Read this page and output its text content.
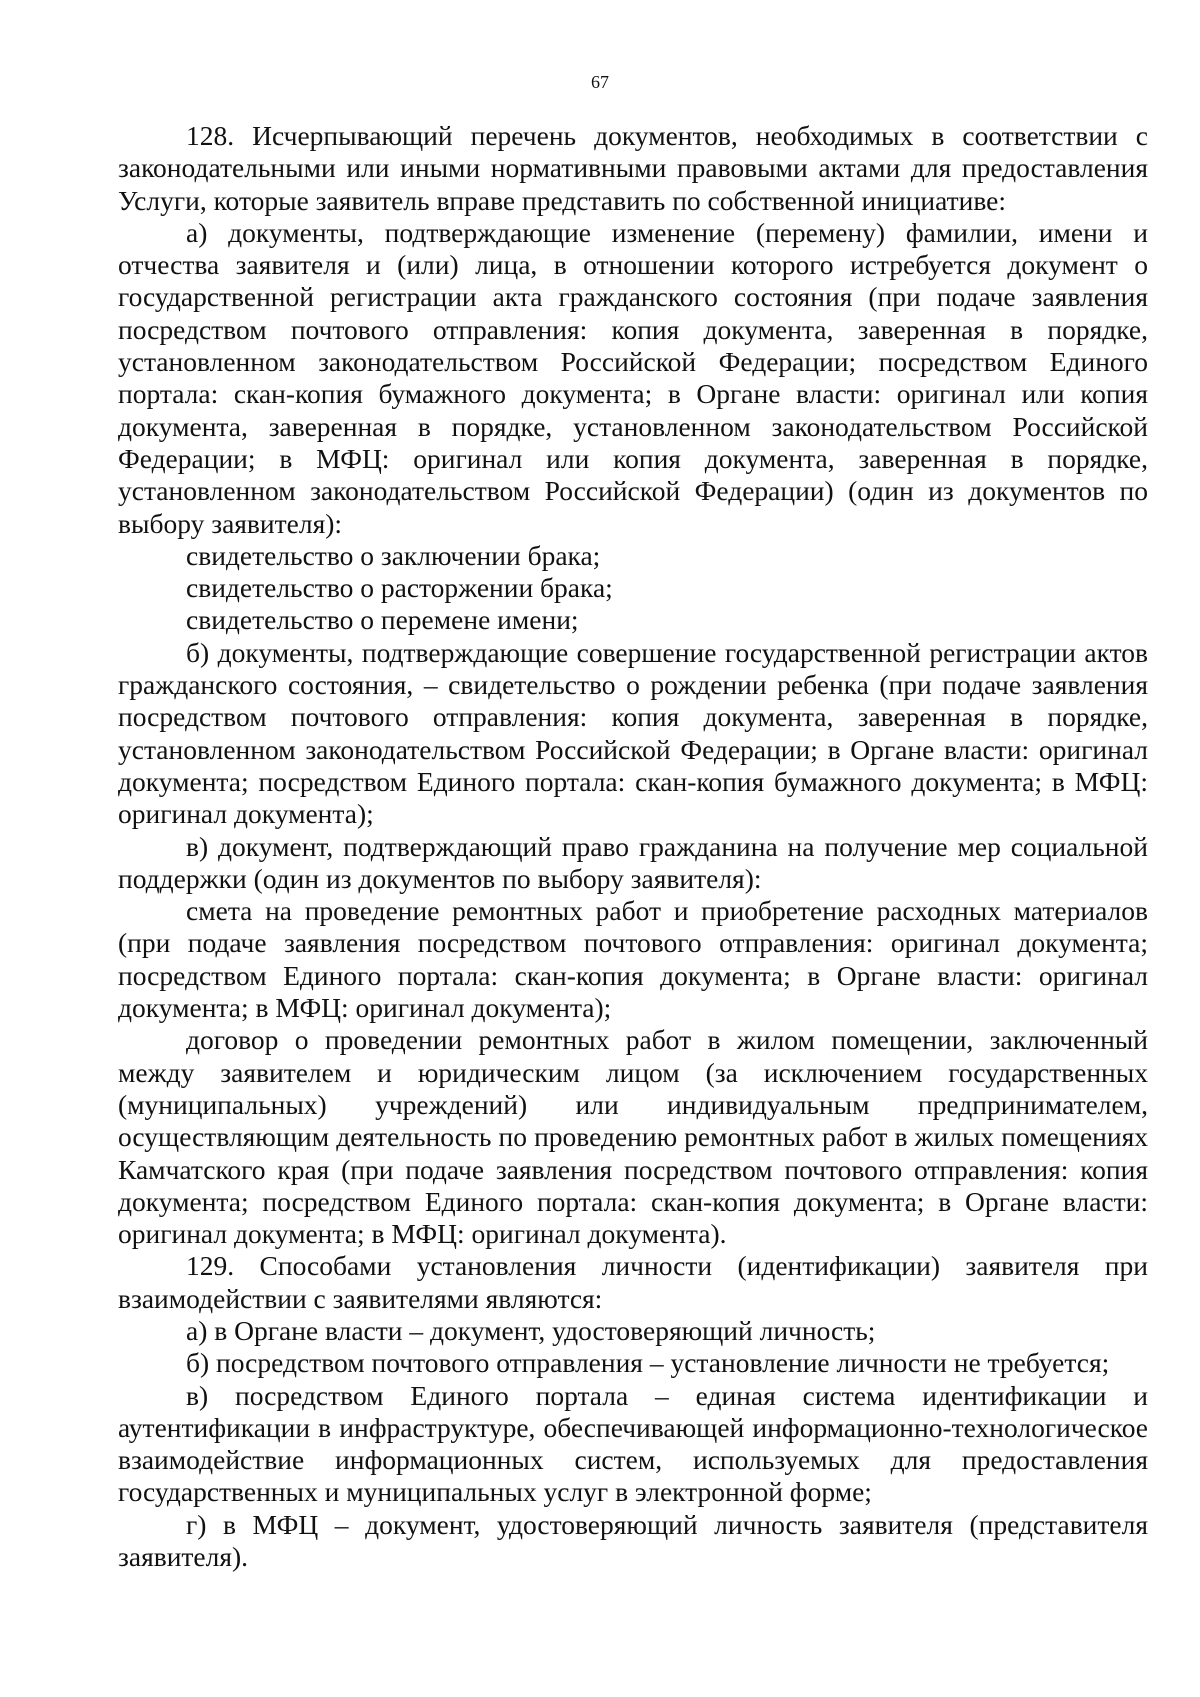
67

128. Исчерпывающий перечень документов, необходимых в соответствии с законодательными или иными нормативными правовыми актами для предоставления Услуги, которые заявитель вправе представить по собственной инициативе:

а) документы, подтверждающие изменение (перемену) фамилии, имени и отчества заявителя и (или) лица, в отношении которого истребуется документ о государственной регистрации акта гражданского состояния (при подаче заявления посредством почтового отправления: копия документа, заверенная в порядке, установленном законодательством Российской Федерации; посредством Единого портала: скан-копия бумажного документа; в Органе власти: оригинал или копия документа, заверенная в порядке, установленном законодательством Российской Федерации; в МФЦ: оригинал или копия документа, заверенная в порядке, установленном законодательством Российской Федерации) (один из документов по выбору заявителя):

свидетельство о заключении брака;

свидетельство о расторжении брака;

свидетельство о перемене имени;

б) документы, подтверждающие совершение государственной регистрации актов гражданского состояния, – свидетельство о рождении ребенка (при подаче заявления посредством почтового отправления: копия документа, заверенная в порядке, установленном законодательством Российской Федерации; в Органе власти: оригинал документа; посредством Единого портала: скан-копия бумажного документа; в МФЦ: оригинал документа);

в) документ, подтверждающий право гражданина на получение мер социальной поддержки (один из документов по выбору заявителя):

смета на проведение ремонтных работ и приобретение расходных материалов (при подаче заявления посредством почтового отправления: оригинал документа; посредством Единого портала: скан-копия документа; в Органе власти: оригинал документа; в МФЦ: оригинал документа);

договор о проведении ремонтных работ в жилом помещении, заключенный между заявителем и юридическим лицом (за исключением государственных (муниципальных) учреждений) или индивидуальным предпринимателем, осуществляющим деятельность по проведению ремонтных работ в жилых помещениях Камчатского края (при подаче заявления посредством почтового отправления: копия документа; посредством Единого портала: скан-копия документа; в Органе власти: оригинал документа; в МФЦ: оригинал документа).

129. Способами установления личности (идентификации) заявителя при взаимодействии с заявителями являются:

а) в Органе власти – документ, удостоверяющий личность;

б) посредством почтового отправления – установление личности не требуется;

в) посредством Единого портала – единая система идентификации и аутентификации в инфраструктуре, обеспечивающей информационно-технологическое взаимодействие информационных систем, используемых для предоставления государственных и муниципальных услуг в электронной форме;

г) в МФЦ – документ, удостоверяющий личность заявителя (представителя заявителя).
